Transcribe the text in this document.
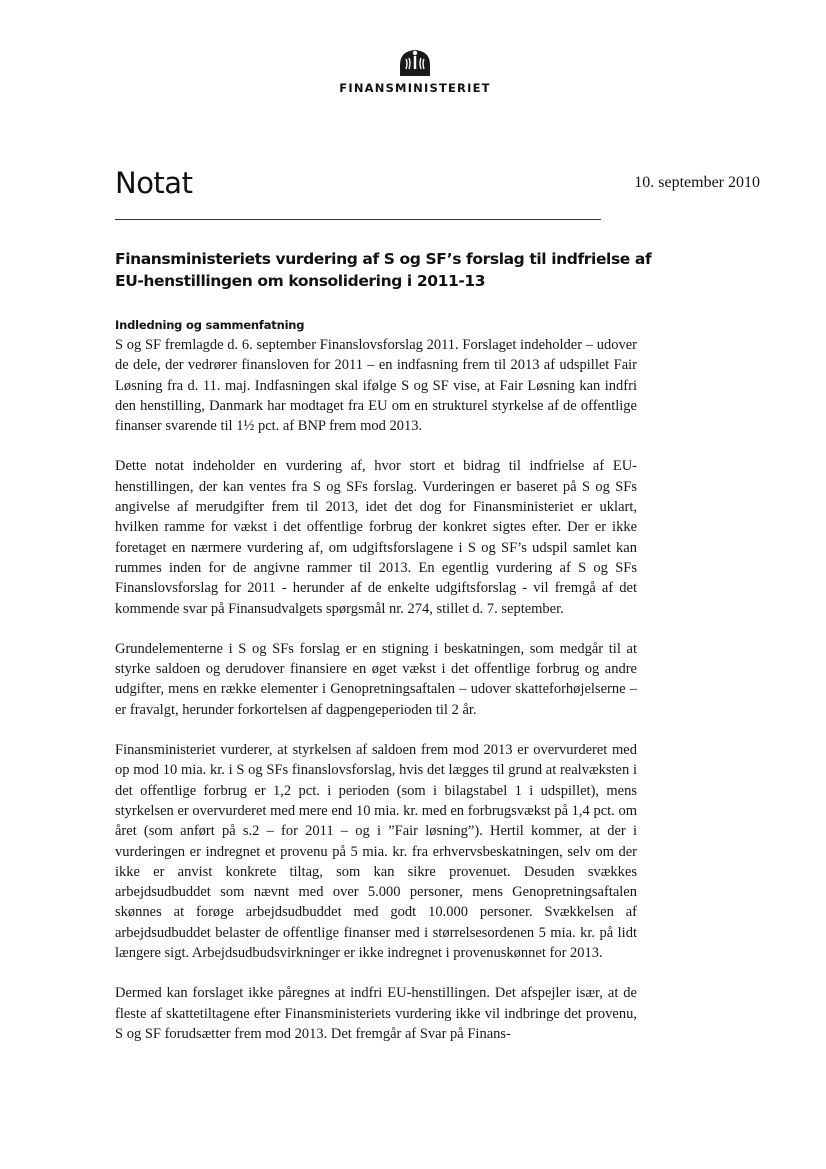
FINANSMINISTERIET
Notat	10. september 2010
Finansministeriets vurdering af S og SF’s forslag til indfrielse af EU-henstillingen om konsolidering i 2011-13
Indledning og sammenfatning

S og SF fremlagde d. 6. september Finanslovsforslag 2011. Forslaget indeholder – udover de dele, der vedrører finansloven for 2011 – en indfasning frem til 2013 af udspillet Fair Løsning fra d. 11. maj. Indfasningen skal ifølge S og SF vise, at Fair Løsning kan indfri den henstilling, Danmark har modtaget fra EU om en strukturel styrkelse af de offentlige finanser svarende til 1½ pct. af BNP frem mod 2013.

Dette notat indeholder en vurdering af, hvor stort et bidrag til indfrielse af EU-henstillingen, der kan ventes fra S og SFs forslag. Vurderingen er baseret på S og SFs angivelse af merudgifter frem til 2013, idet det dog for Finansministeriet er uklart, hvilken ramme for vækst i det offentlige forbrug der konkret sigtes efter. Der er ikke foretaget en nærmere vurdering af, om udgiftsforslagene i S og SF’s udspil samlet kan rummes inden for de angivne rammer til 2013. En egentlig vurdering af S og SFs Finanslovsforslag for 2011 - herunder af de enkelte udgiftsforslag - vil fremgå af det kommende svar på Finansudvalgets spørgsmål nr. 274, stillet d. 7. september.

Grundelementerne i S og SFs forslag er en stigning i beskatningen, som medgår til at styrke saldoen og derudover finansiere en øget vækst i det offentlige forbrug og andre udgifter, mens en række elementer i Genopretningsaftalen – udover skatteforhøjelserne – er fravalgt, herunder forkortelsen af dagpengeperioden til 2 år.

Finansministeriet vurderer, at styrkelsen af saldoen frem mod 2013 er overvurderet med op mod 10 mia. kr. i S og SFs finanslovsforslag, hvis det lægges til grund at realvæksten i det offentlige forbrug er 1,2 pct. i perioden (som i bilagstabel 1 i udspillet), mens styrkelsen er overvurderet med mere end 10 mia. kr. med en forbrugsvækst på 1,4 pct. om året (som anført på s.2 – for 2011 – og i ”Fair løsning”). Hertil kommer, at der i vurderingen er indregnet et provenu på 5 mia. kr. fra erhvervsbeskatningen, selv om der ikke er anvist konkrete tiltag, som kan sikre provenuet. Desuden svækkes arbejdsudbuddet som nævnt med over 5.000 personer, mens Genopretningsaftalen skønnes at forøge arbejdsudbuddet med godt 10.000 personer. Svækkelsen af arbejdsudbuddet belaster de offentlige finanser med i størrelsesordenen 5 mia. kr. på lidt længere sigt. Arbejdsudbudsvirkninger er ikke indregnet i provenuskønnet for 2013.

Dermed kan forslaget ikke påregnes at indfri EU-henstillingen. Det afspejler især, at de fleste af skattetiltagene efter Finansministeriets vurdering ikke vil indbringe det provenu, S og SF forudsætter frem mod 2013. Det fremgår af Svar på Finans-
